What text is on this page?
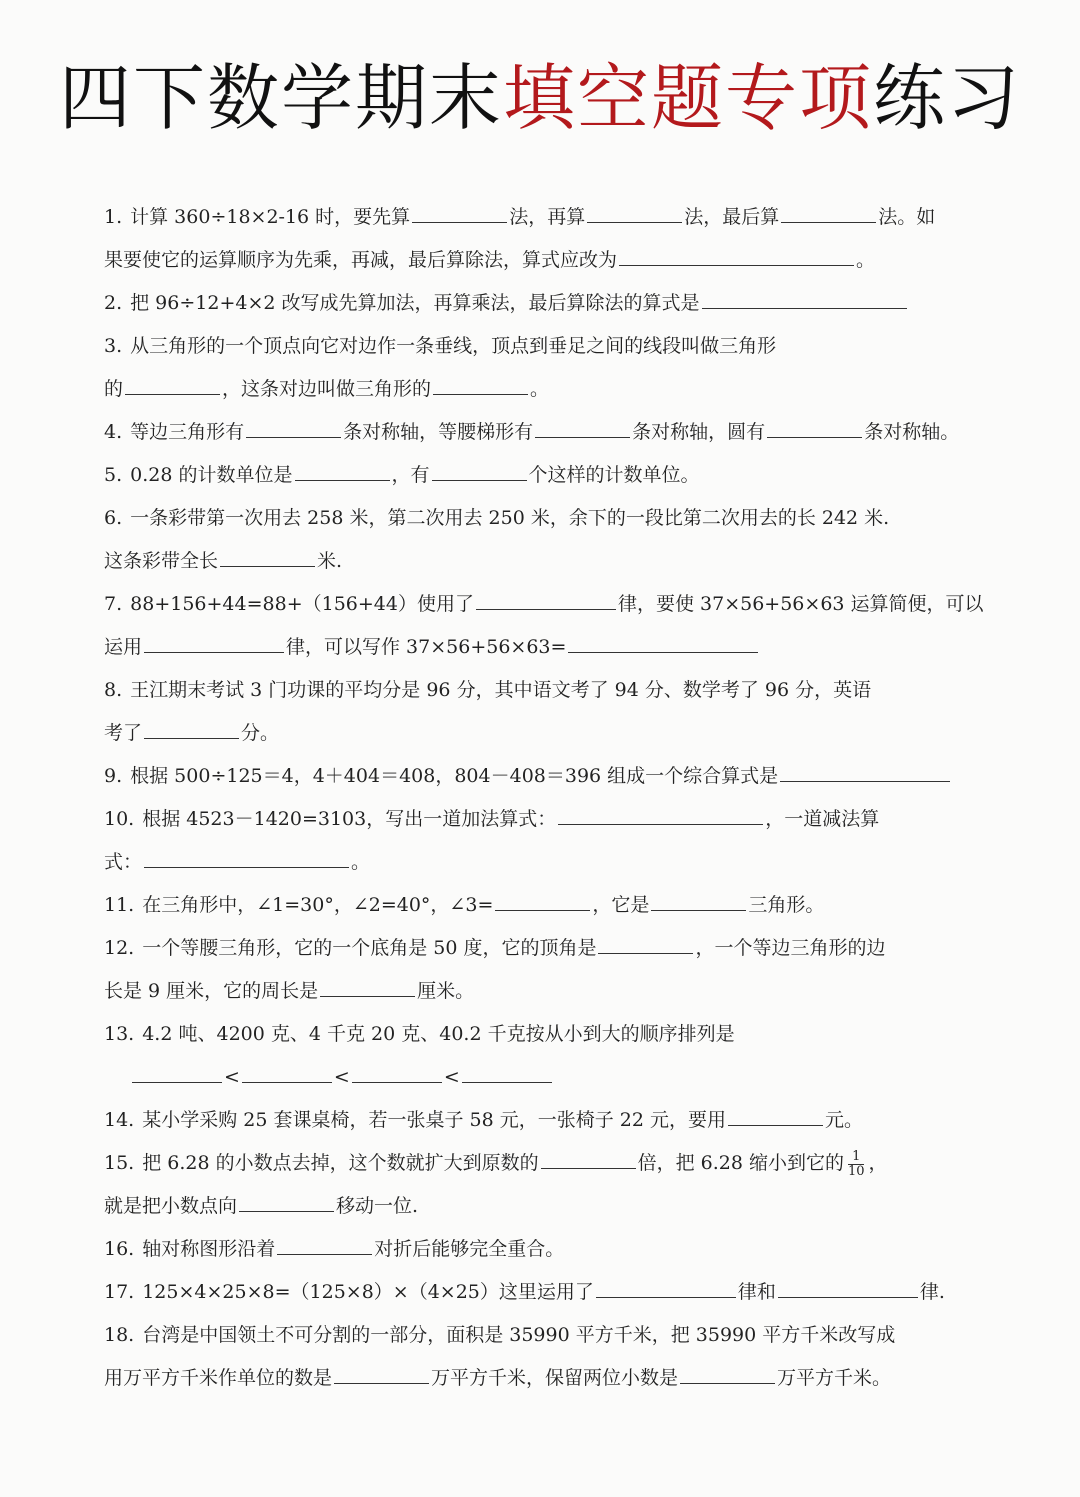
四下数学期末填空题专项练习
1. 计算 360÷18×2-16 时，要先算	法，再算	法，最后算	法。如
果要使它的运算顺序为先乘，再减，最后算除法，算式应改为	。
2. 把 96÷12+4×2 改写成先算加法，再算乘法，最后算除法的算式是
3. 从三角形的一个顶点向它对边作一条垂线，顶点到垂足之间的线段叫做三角形
的	，这条对边叫做三角形的	。
4. 等边三角形有	条对称轴，等腰梯形有	条对称轴，圆有	条对称轴。
5. 0.28 的计数单位是	，有	个这样的计数单位。
6. 一条彩带第一次用去 258 米，第二次用去 250 米，余下的一段比第二次用去的长 242 米.
这条彩带全长	米.
7. 88+156+44=88+（156+44）使用了	律，要使 37×56+56×63 运算简便，可以
运用	律，可以写作 37×56+56×63=
8. 王江期末考试 3 门功课的平均分是 96 分，其中语文考了 94 分、数学考了 96 分，英语
考了	分。
9. 根据 500÷125＝4，4＋404＝408，804－408＝396 组成一个综合算式是
10. 根据 4523－1420=3103，写出一道加法算式：	，一道减法算
式：	。
11. 在三角形中，∠1=30°，∠2=40°，∠3=	，它是	三角形。
12. 一个等腰三角形，它的一个底角是 50 度，它的顶角是	，一个等边三角形的边
长是 9 厘米，它的周长是	厘米。
13. 4.2 吨、4200 克、4 千克 20 克、40.2 千克按从小到大的顺序排列是
<	<	<
14. 某小学采购 25 套课桌椅，若一张桌子 58 元，一张椅子 22 元，要用	元。
15. 把 6.28 的小数点去掉，这个数就扩大到原数的	倍，把 6.28 缩小到它的 $\frac{1}{10}$ ，
就是把小数点向	移动一位.
16. 轴对称图形沿着	对折后能够完全重合。
17. 125×4×25×8=（125×8）×（4×25）这里运用了	律和	律.
18. 台湾是中国领土不可分割的一部分，面积是 35990 平方千米，把 35990 平方千米改写成
用万平方千米作单位的数是	万平方千米，保留两位小数是	万平方千米。
